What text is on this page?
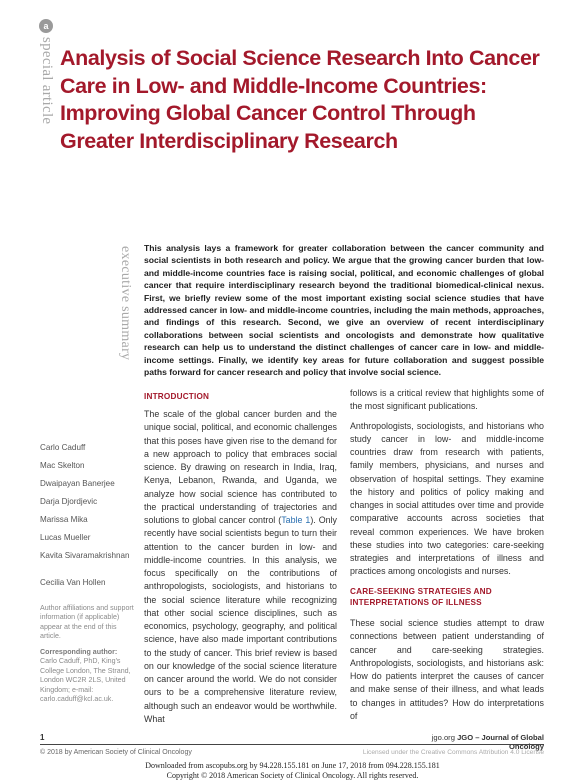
a
special article
executive summary
Analysis of Social Science Research Into Cancer Care in Low- and Middle-Income Countries: Improving Global Cancer Control Through Greater Interdisciplinary Research

This analysis lays a framework for greater collaboration between the cancer community and social scientists in both research and policy. We argue that the growing cancer burden that low- and middle-income countries face is raising social, political, and economic challenges of global cancer that require interdisciplinary research beyond the traditional biomedical-clinical nexus. First, we briefly review some of the most important existing social science studies that have addressed cancer in low- and middle-income countries, including the main methods, approaches, and findings of this research. Second, we give an overview of recent interdisciplinary collaborations between social scientists and oncologists and demonstrate how qualitative research can help us to understand the distinct challenges of cancer care in low- and middle-income settings. Finally, we identify key areas for future collaboration and suggest possible paths forward for cancer research and policy that involve social science.

Carlo Caduff
Mac Skelton
Dwaipayan Banerjee
Darja Djordjevic
Marissa Mika
Lucas Mueller
Kavita Sivaramakrishnan
Cecilia Van Hollen
Author affiliations and support information (if applicable) appear at the end of this article.
Corresponding author:
Carlo Caduff, PhD, King's College London, The Strand, London WC2R 2LS, United Kingdom; e-mail: carlo.caduff@kcl.ac.uk.
INTRODUCTION

The scale of the global cancer burden and the unique social, political, and economic challenges that this poses have given rise to the demand for a new approach to policy that embraces social science. By drawing on research in India, Iraq, Kenya, Lebanon, Rwanda, and Uganda, we analyze how social science has contributed to the practical understanding of trajectories and solutions to global cancer control (Table 1). Only recently have social scientists begun to turn their attention to the cancer burden in low- and middle-income countries. In this analysis, we focus specifically on the contributions of anthropologists, sociologists, and historians to the social science literature while recognizing that other social science disciplines, such as economics, psychology, geography, and political science, have also made important contributions to the study of cancer. This brief review is based on our knowledge of the social science literature on cancer around the world. We do not consider ours to be a comprehensive literature review, although such an endeavor would be worthwhile. What

follows is a critical review that highlights some of the most significant publications.
Anthropologists, sociologists, and historians who study cancer in low- and middle-income countries draw from research with patients, family members, physicians, and nurses and observation of hospital settings. They examine the history and politics of policy making and changes in social attitudes over time and provide comparative accounts across societies that reveal common experiences. We have broken these studies into two categories: care-seeking strategies and interpretations of illness and practices among oncologists and nurses.
CARE-SEEKING STRATEGIES AND INTERPRETATIONS OF ILLNESS

These social science studies attempt to draw connections between patient understanding of cancer and care-seeking strategies. Anthropologists, sociologists, and historians ask: How do patients interpret the causes of cancer and make sense of their illness, and what leads to changes in attitudes? How do interpretations of

1	jgo.org JGO – Journal of Global Oncology
© 2018 by American Society of Clinical Oncology	Licensed under the Creative Commons Attribution 4.0 License
Downloaded from ascopubs.org by 94.228.155.181 on June 17, 2018 from 094.228.155.181
Copyright © 2018 American Society of Clinical Oncology. All rights reserved.
